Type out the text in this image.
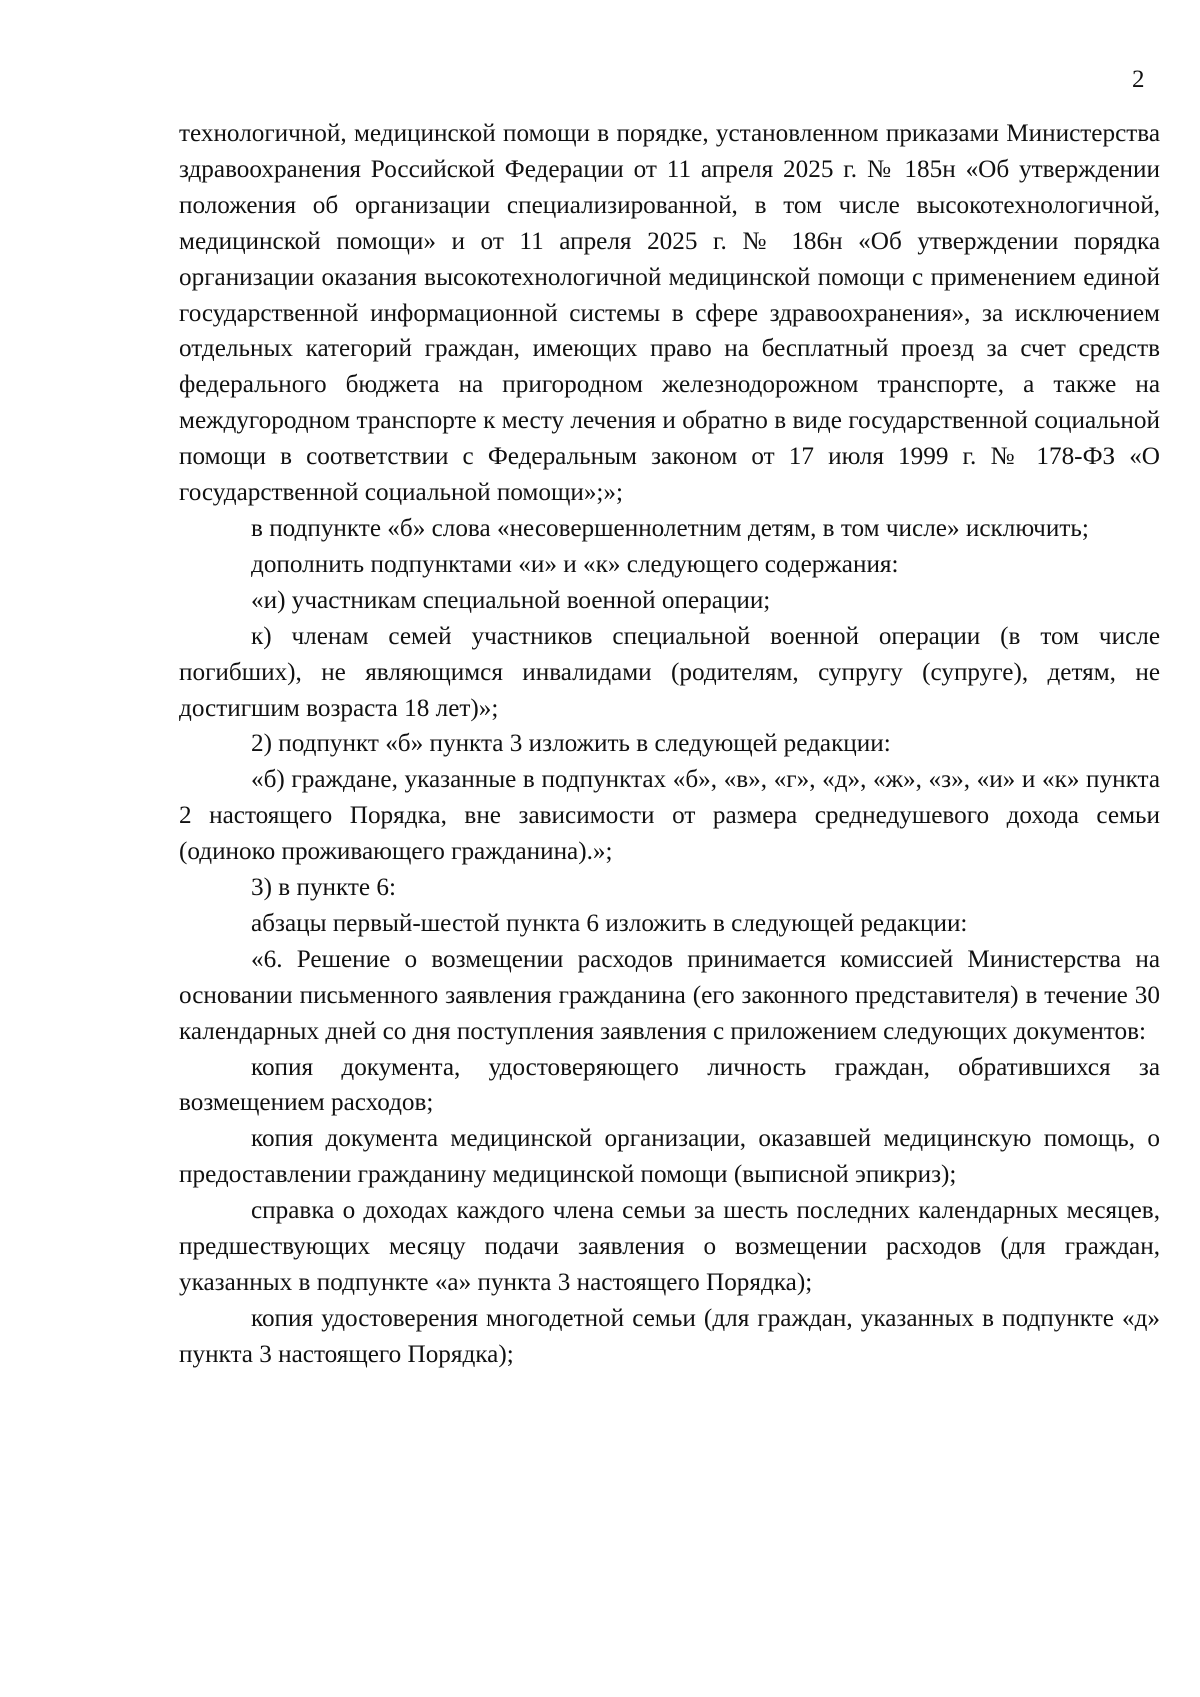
2

технологичной, медицинской помощи в порядке, установленном приказами Министерства здравоохранения Российской Федерации от 11 апреля 2025 г. № 185н «Об утверждении положения об организации специализированной, в том числе высокотехнологичной, медицинской помощи» и от 11 апреля 2025 г. № 186н «Об утверждении порядка организации оказания высокотехнологичной медицинской помощи с применением единой государственной информационной системы в сфере здравоохранения», за исключением отдельных категорий граждан, имеющих право на бесплатный проезд за счет средств федерального бюджета на пригородном железнодорожном транспорте, а также на междугородном транспорте к месту лечения и обратно в виде государственной социальной помощи в соответствии с Федеральным законом от 17 июля 1999 г. № 178-ФЗ «О государственной социальной помощи»;»;

в подпункте «б» слова «несовершеннолетним детям, в том числе» исключить;

дополнить подпунктами «и» и «к» следующего содержания:

«и) участникам специальной военной операции;

к) членам семей участников специальной военной операции (в том числе погибших), не являющимся инвалидами (родителям, супругу (супруге), детям, не достигшим возраста 18 лет)»;

2) подпункт «б» пункта 3 изложить в следующей редакции:

«б) граждане, указанные в подпунктах «б», «в», «г», «д», «ж», «з», «и» и «к» пункта 2 настоящего Порядка, вне зависимости от размера среднедушевого дохода семьи (одиноко проживающего гражданина).»;

3) в пункте 6:

абзацы первый-шестой пункта 6 изложить в следующей редакции:

«6. Решение о возмещении расходов принимается комиссией Министерства на основании письменного заявления гражданина (его законного представителя) в течение 30 календарных дней со дня поступления заявления с приложением следующих документов:

копия документа, удостоверяющего личность граждан, обратившихся за возмещением расходов;

копия документа медицинской организации, оказавшей медицинскую помощь, о предоставлении гражданину медицинской помощи (выписной эпикриз);

справка о доходах каждого члена семьи за шесть последних календарных месяцев, предшествующих месяцу подачи заявления о возмещении расходов (для граждан, указанных в подпункте «а» пункта 3 настоящего Порядка);

копия удостоверения многодетной семьи (для граждан, указанных в подпункте «д» пункта 3 настоящего Порядка);
